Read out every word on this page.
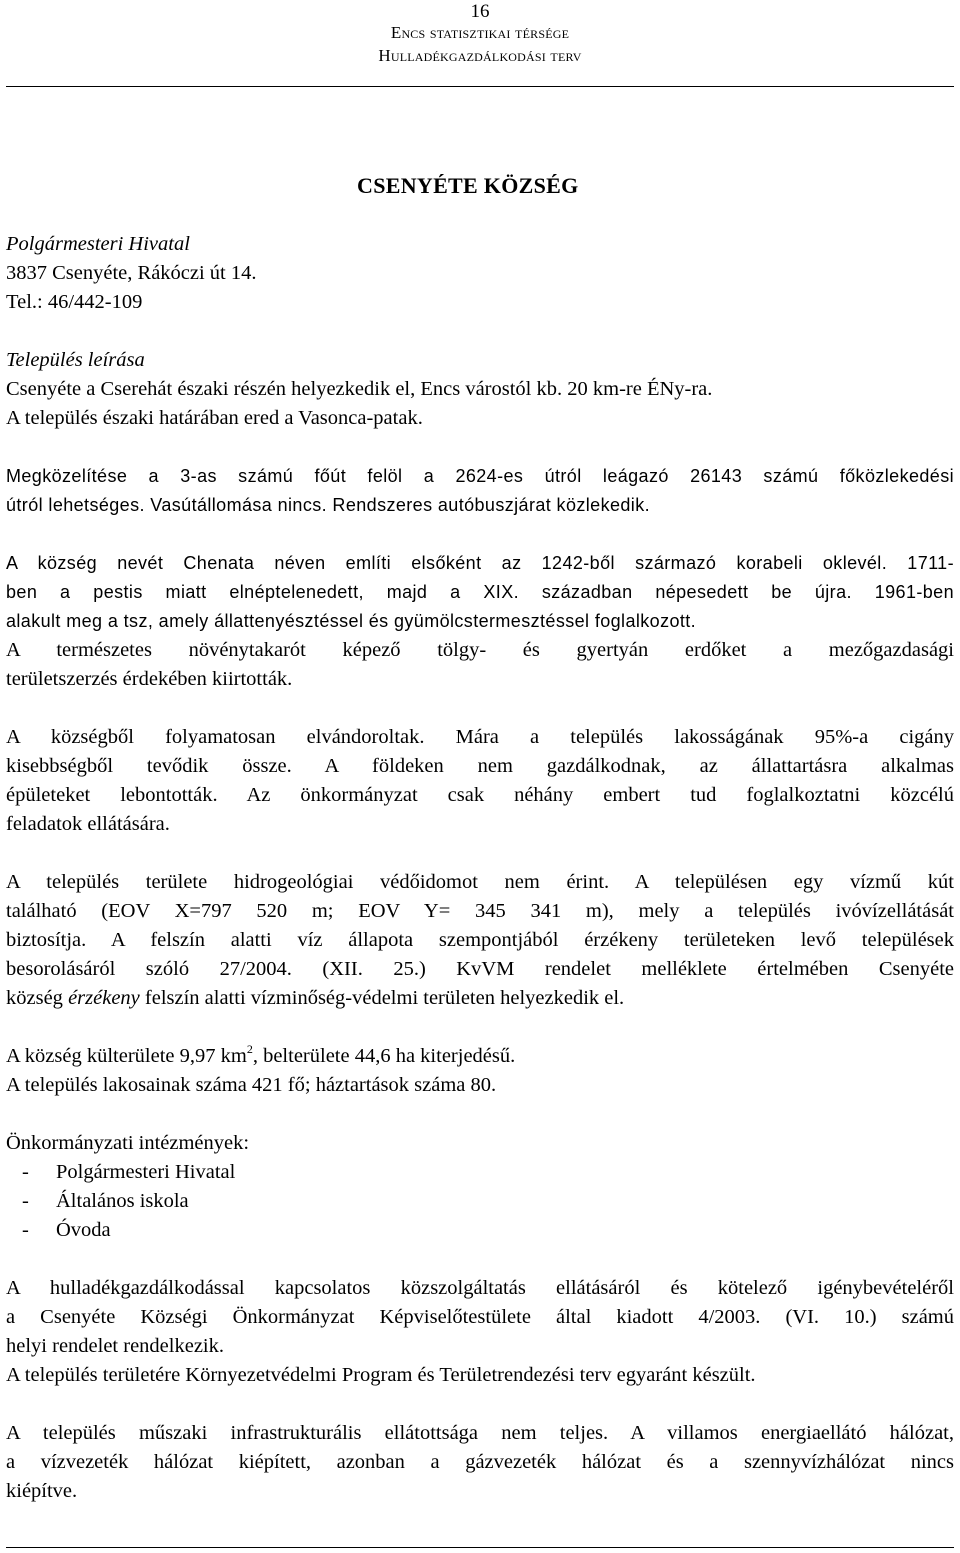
16
Encs statisztikai térsége
Hulladékgazdálkodási terv
CSENYÉTE KÖZSÉG
Polgármesteri Hivatal
3837 Csenyéte, Rákóczi út 14.
Tel.: 46/442-109
Település leírása
Csenyéte a Cserehát északi részén helyezkedik el, Encs várostól kb. 20 km-re ÉNy-ra.
A település északi határában ered a Vasonca-patak.
Megközelítése a 3-as számú főút felöl a 2624-es útról leágazó 26143 számú főközlekedési
útról lehetséges. Vasútállomása nincs. Rendszeres autóbuszjárat közlekedik.
A község nevét Chenata néven említi elsőként az 1242-ből származó korabeli oklevél. 1711-
ben a pestis miatt elnéptelenedett, majd a XIX. században népesedett be újra. 1961-ben
alakult meg a tsz, amely állattenyésztéssel és gyümölcstermesztéssel foglalkozott.
A természetes növénytakarót képező tölgy- és gyertyán erdőket a mezőgazdasági
területszerzés érdekében kiirtották.
A községből folyamatosan elvándoroltak. Mára a település lakosságának 95%-a cigány
kisebbségből tevődik össze. A földeken nem gazdálkodnak, az állattartásra alkalmas
épületeket lebontották. Az önkormányzat csak néhány embert tud foglalkoztatni közcélú
feladatok ellátására.
A település területe hidrogeológiai védőidomot nem érint. A településen egy vízmű kút
található (EOV X=797 520 m; EOV Y= 345 341 m), mely a település ivóvízellátását
biztosítja. A felszín alatti víz állapota szempontjából érzékeny területeken levő települések
besorolásáról szóló 27/2004. (XII. 25.) KvVM rendelet melléklete értelmében Csenyéte
község érzékeny felszín alatti vízminőség-védelmi területen helyezkedik el.
A község külterülete 9,97 $km^2$, belterülete 44,6 ha kiterjedésű.
A település lakosainak száma 421 fő; háztartások száma 80.
Önkormányzati intézmények:
- Polgármesteri Hivatal
- Általános iskola
- Óvoda
A hulladékgazdálkodással kapcsolatos közszolgáltatás ellátásáról és kötelező igénybevételéről
a Csenyéte Községi Önkormányzat Képviselőtestülete által kiadott 4/2003. (VI. 10.) számú
helyi rendelet rendelkezik.
A település területére Környezetvédelmi Program és Területrendezési terv egyaránt készült.
A település műszaki infrastrukturális ellátottsága nem teljes. A villamos energiaellátó hálózat,
a vízvezeték hálózat kiépített, azonban a gázvezeték hálózat és a szennyvízhálózat nincs
kiépítve.
